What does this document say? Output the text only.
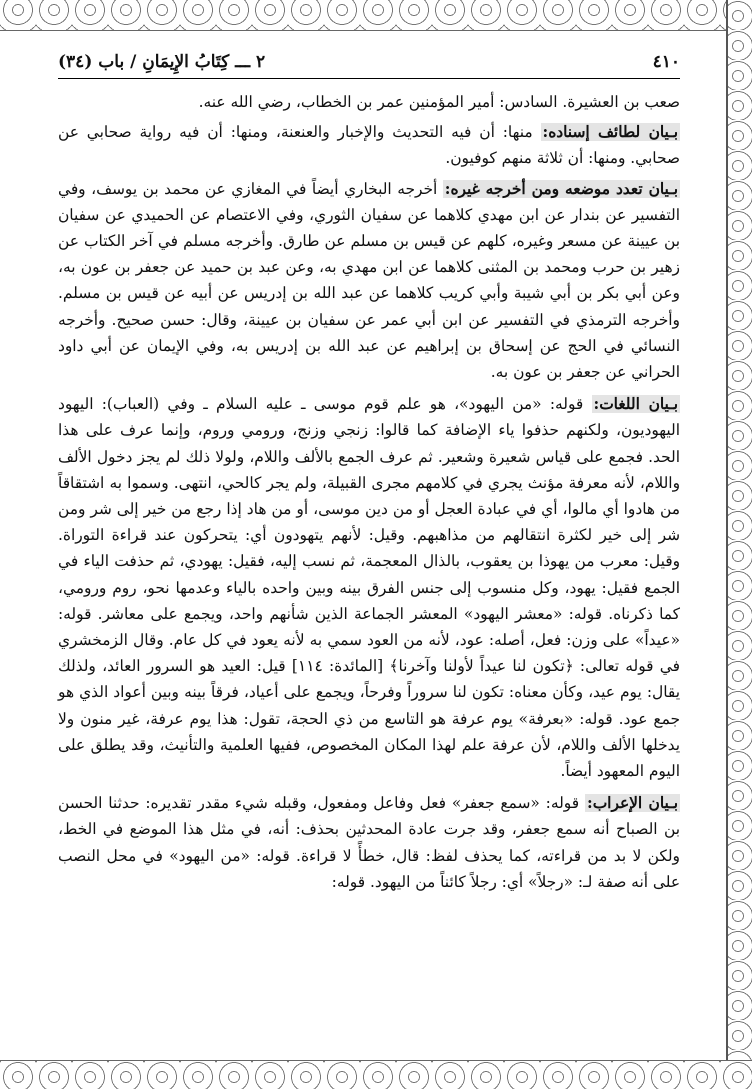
٤١٠
٢ ـــ كِتَابُ الإِيمَانِ / باب (٣٤)

صعب بن العشيرة. السادس: أمير المؤمنين عمر بن الخطاب، رضي الله عنه.

بـيان لطائف إسناده: منها: أن فيه التحديث والإخبار والعنعنة، ومنها: أن فيه رواية صحابي عن صحابي. ومنها: أن ثلاثة منهم كوفيون.

بـيان تعدد موضعه ومن أخرجه غيره: أخرجه البخاري أيضاً في المغازي عن محمد بن يوسف، وفي التفسير عن بندار عن ابن مهدي كلاهما عن سفيان الثوري، وفي الاعتصام عن الحميدي عن سفيان بن عيينة عن مسعر وغيره، كلهم عن قيس بن مسلم عن طارق. وأخرجه مسلم في آخر الكتاب عن زهير بن حرب ومحمد بن المثنى كلاهما عن ابن مهدي به، وعن عبد بن حميد عن جعفر بن عون به، وعن أبي بكر بن أبي شيبة وأبي كريب كلاهما عن عبد الله بن إدريس عن أبيه عن قيس بن مسلم. وأخرجه الترمذي في التفسير عن ابن أبي عمر عن سفيان بن عيينة، وقال: حسن صحيح. وأخرجه النسائي في الحج عن إسحاق بن إبراهيم عن عبد الله بن إدريس به، وفي الإيمان عن أبي داود الحراني عن جعفر بن عون به.

بـيان اللغات: قوله: «من اليهود»، هو علم قوم موسى ـ عليه السلام ـ وفي (العباب): اليهود اليهوديون، ولكنهم حذفوا ياء الإضافة كما قالوا: زنجي وزنج، ورومي وروم، وإنما عرف على هذا الحد. فجمع على قياس شعيرة وشعير. ثم عرف الجمع بالألف واللام، ولولا ذلك لم يجز دخول الألف واللام، لأنه معرفة مؤنث يجري في كلامهم مجرى القبيلة، ولم يجر كالحي، انتهى. وسموا به اشتقاقاً من هادوا أي مالوا، أي في عبادة العجل أو من دين موسى، أو من هاد إذا رجع من خير إلى شر ومن شر إلى خير لكثرة انتقالهم من مذاهبهم. وقيل: لأنهم يتهودون أي: يتحركون عند قراءة التوراة. وقيل: معرب من يهوذا بن يعقوب، بالذال المعجمة، ثم نسب إليه، فقيل: يهودي، ثم حذفت الياء في الجمع فقيل: يهود، وكل منسوب إلى جنس الفرق بينه وبين واحده بالياء وعدمها نحو، روم ورومي، كما ذكرناه. قوله: «معشر اليهود» المعشر الجماعة الذين شأنهم واحد، ويجمع على معاشر. قوله: «عيداً» على وزن: فعل، أصله: عود، لأنه من العود سمي به لأنه يعود في كل عام. وقال الزمخشري في قوله تعالى: ﴿تكون لنا عيداً لأولنا وآخرنا﴾ [المائدة: ١١٤] قيل: العيد هو السرور العائد، ولذلك يقال: يوم عيد، وكأن معناه: تكون لنا سروراً وفرحاً، ويجمع على أعياد، فرقاً بينه وبين أعواد الذي هو جمع عود. قوله: «بعرفة» يوم عرفة هو التاسع من ذي الحجة، تقول: هذا يوم عرفة، غير منون ولا يدخلها الألف واللام، لأن عرفة علم لهذا المكان المخصوص، ففيها العلمية والتأنيث، وقد يطلق على اليوم المعهود أيضاً.

بـيان الإعراب: قوله: «سمع جعفر» فعل وفاعل ومفعول، وقبله شيء مقدر تقديره: حدثنا الحسن بن الصباح أنه سمع جعفر، وقد جرت عادة المحدثين بحذف: أنه، في مثل هذا الموضع في الخط، ولكن لا بد من قراءته، كما يحذف لفظ: قال، خطأً لا قراءة. قوله: «من اليهود» في محل النصب على أنه صفة لـ: «رجلاً» أي: رجلاً كائناً من اليهود. قوله:
